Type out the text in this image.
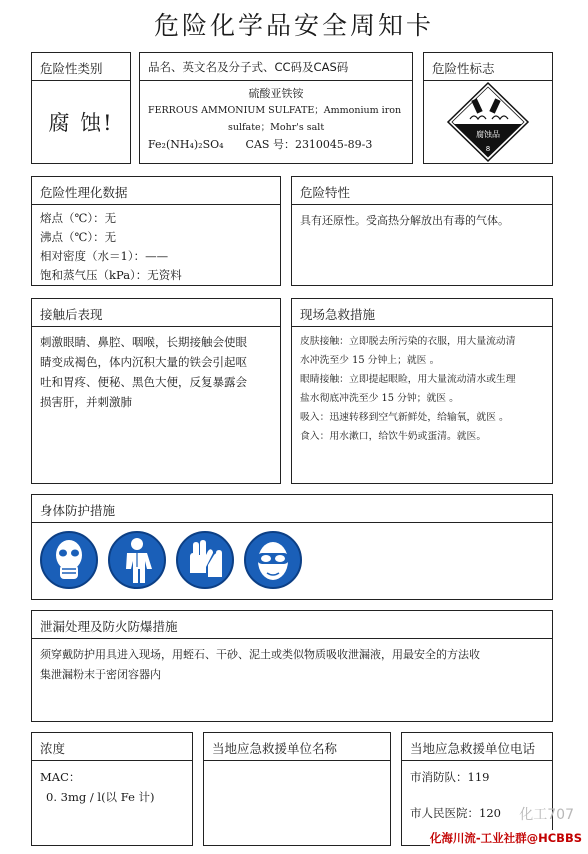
危险化学品安全周知卡
危险性类别
腐 蚀!
品名、英文名及分子式、CC码及CAS码
硫酸亚铁铵
FERROUS AMMONIUM SULFATE；Ammonium iron
sulfate；Mohr's salt
Fe₂(NH₄)₂SO₄ CAS 号：2310045-89-3
危险性标志
腐蚀品
8
危险性理化数据
熔点（℃）：无
沸点（℃）：无
相对密度（水＝1）：——
饱和蒸气压（kPa）：无资料
危险特性
具有还原性。受高热分解放出有毒的气体。
接触后表现
刺激眼睛、鼻腔、咽喉，长期接触会使眼
睛变成褐色，体内沉积大量的铁会引起呕
吐和胃疼、便秘、黑色大便，反复暴露会
损害肝，并刺激肺
现场急救措施
皮肤接触：立即脱去所污染的衣服，用大量流动清
水冲洗至少 15 分钟上；就医 。
眼睛接触：立即提起眼睑，用大量流动清水或生理
盐水彻底冲洗至少 15 分钟；就医 。
吸入：迅速转移到空气新鲜处，给输氧，就医 。
食入：用水漱口，给饮牛奶或蛋清。就医。
身体防护措施
泄漏处理及防火防爆措施
须穿戴防护用具进入现场，用蛭石、干砂、泥土或类似物质吸收泄漏液，用最安全的方法收
集泄漏粉末于密闭容器内
浓度
MAC：
0. 3mg / l(以 Fe 计)
当地应急救援单位名称	当地应急救援单位电话
市消防队：119
市人民医院：120	化工707
化海川流-工业社群@HCBBS
